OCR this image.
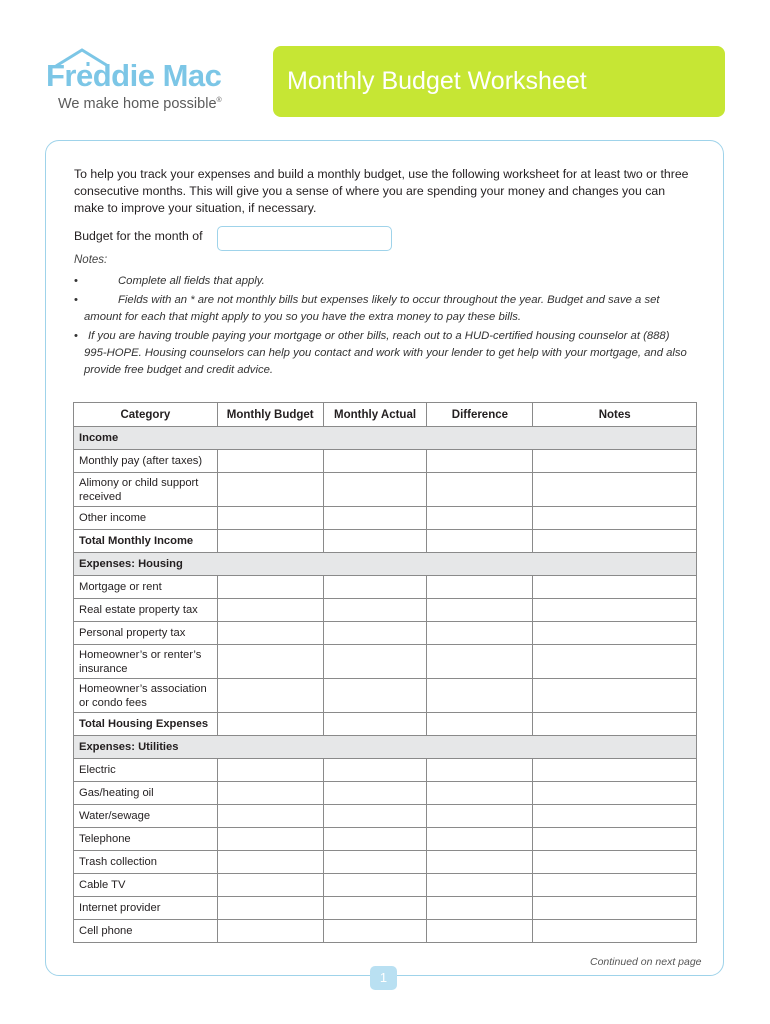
Freddie Mac
We make home possible®
Monthly Budget Worksheet
To help you track your expenses and build a monthly budget, use the following worksheet for at least two or three consecutive months. This will give you a sense of where you are spending your money and changes you can make to improve your situation, if necessary.
Budget for the month of
Notes:
•	Complete all fields that apply.
•	Fields with an * are not monthly bills but expenses likely to occur throughout the year. Budget and save a set amount for each that might apply to you so you have the extra money to pay these bills.
• If you are having trouble paying your mortgage or other bills, reach out to a HUD-certified housing counselor at (888) 995-HOPE. Housing counselors can help you contact and work with your lender to get help with your mortgage, and also provide free budget and credit advice.
Category	Monthly Budget	Monthly Actual	Difference	Notes
Income				
Monthly pay (after taxes)				
Alimony or child support received				
Other income				
Total Monthly Income				
Expenses: Housing				
Mortgage or rent				
Real estate property tax				
Personal property tax				
Homeowner’s or renter’s insurance				
Homeowner’s association or condo fees				
Total Housing Expenses				
Expenses: Utilities				
Electric				
Gas/heating oil				
Water/sewage				
Telephone				
Trash collection				
Cable TV				
Internet provider				
Cell phone				
Continued on next page
1
